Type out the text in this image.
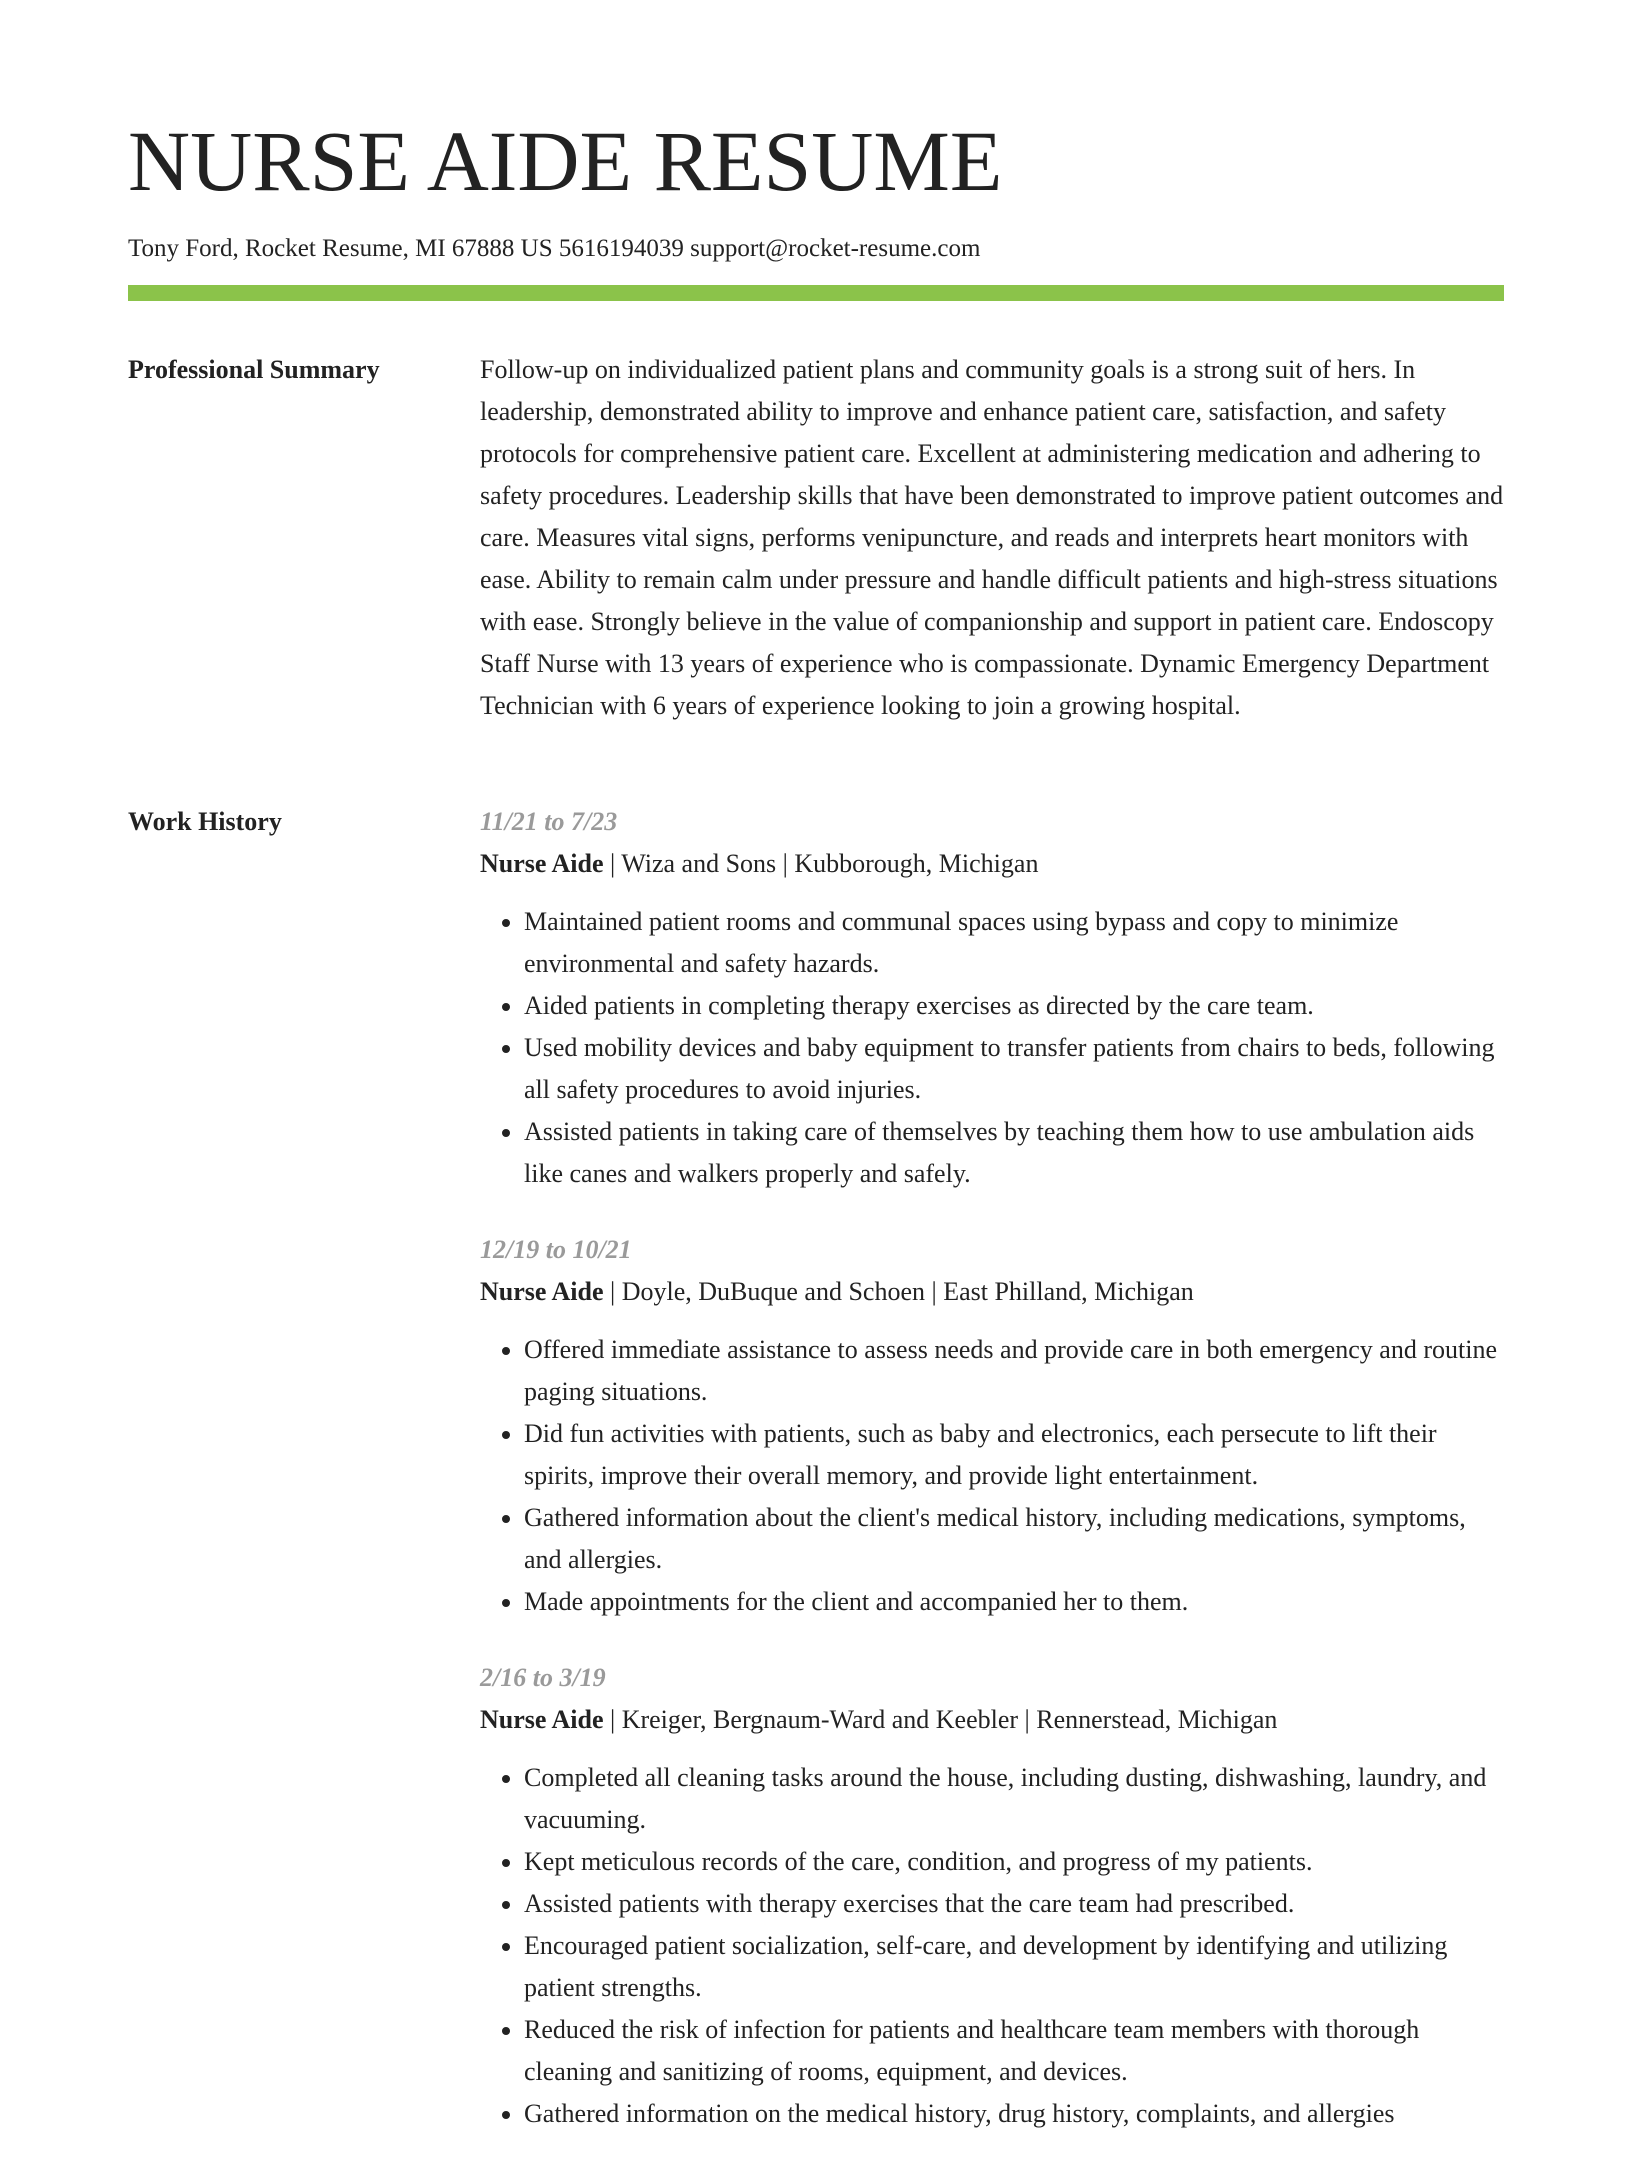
NURSE AIDE RESUME
Tony Ford, Rocket Resume, MI 67888 US 5616194039 support@rocket-resume.com
Professional Summary	Follow-up on individualized patient plans and community goals is a strong suit of hers. In leadership, demonstrated ability to improve and enhance patient care, satisfaction, and safety protocols for comprehensive patient care. Excellent at administering medication and adhering to safety procedures. Leadership skills that have been demonstrated to improve patient outcomes and care. Measures vital signs, performs venipuncture, and reads and interprets heart monitors with ease. Ability to remain calm under pressure and handle difficult patients and high-stress situations with ease. Strongly believe in the value of companionship and support in patient care. Endoscopy Staff Nurse with 13 years of experience who is compassionate. Dynamic Emergency Department Technician with 6 years of experience looking to join a growing hospital.

Work History	11/21 to 7/23
Nurse Aide | Wiza and Sons | Kubborough, Michigan
• Maintained patient rooms and communal spaces using bypass and copy to minimize environmental and safety hazards.
• Aided patients in completing therapy exercises as directed by the care team.
• Used mobility devices and baby equipment to transfer patients from chairs to beds, following all safety procedures to avoid injuries.
• Assisted patients in taking care of themselves by teaching them how to use ambulation aids like canes and walkers properly and safely.
12/19 to 10/21
Nurse Aide | Doyle, DuBuque and Schoen | East Philland, Michigan
• Offered immediate assistance to assess needs and provide care in both emergency and routine paging situations.
• Did fun activities with patients, such as baby and electronics, each persecute to lift their spirits, improve their overall memory, and provide light entertainment.
• Gathered information about the client's medical history, including medications, symptoms, and allergies.
• Made appointments for the client and accompanied her to them.
2/16 to 3/19
Nurse Aide | Kreiger, Bergnaum-Ward and Keebler | Rennerstead, Michigan
• Completed all cleaning tasks around the house, including dusting, dishwashing, laundry, and vacuuming.
• Kept meticulous records of the care, condition, and progress of my patients.
• Assisted patients with therapy exercises that the care team had prescribed.
• Encouraged patient socialization, self-care, and development by identifying and utilizing patient strengths.
• Reduced the risk of infection for patients and healthcare team members with thorough cleaning and sanitizing of rooms, equipment, and devices.
• Gathered information on the medical history, drug history, complaints, and allergies
